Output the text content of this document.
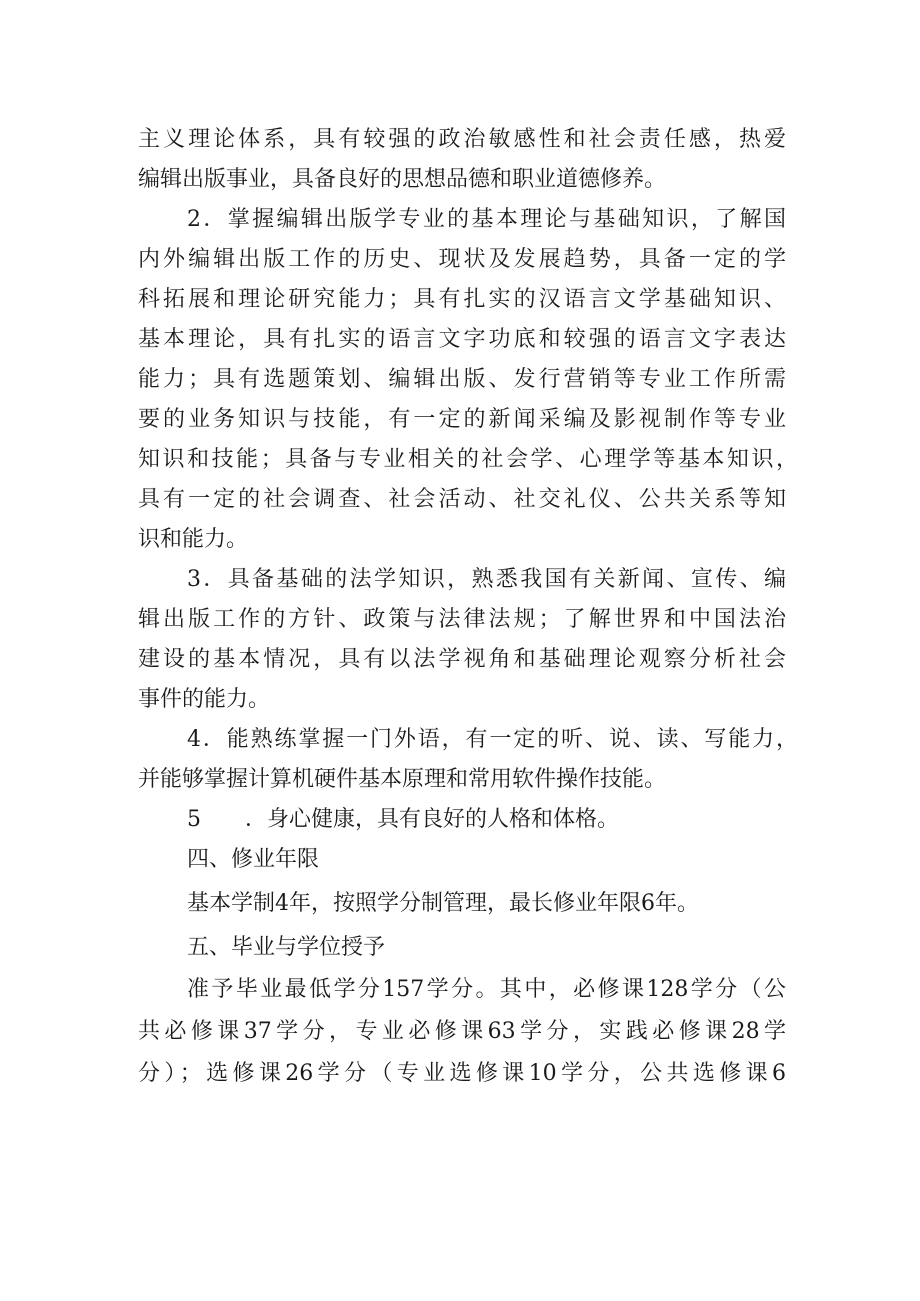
主义理论体系，具有较强的政治敏感性和社会责任感，热爱
编辑出版事业，具备良好的思想品德和职业道德修养。
2．掌握编辑出版学专业的基本理论与基础知识，了解国
内外编辑出版工作的历史、现状及发展趋势，具备一定的学
科拓展和理论研究能力；具有扎实的汉语言文学基础知识、
基本理论，具有扎实的语言文字功底和较强的语言文字表达
能力；具有选题策划、编辑出版、发行营销等专业工作所需
要的业务知识与技能，有一定的新闻采编及影视制作等专业
知识和技能；具备与专业相关的社会学、心理学等基本知识，
具有一定的社会调查、社会活动、社交礼仪、公共关系等知
识和能力。
3．具备基础的法学知识，熟悉我国有关新闻、宣传、编
辑出版工作的方针、政策与法律法规；了解世界和中国法治
建设的基本情况，具有以法学视角和基础理论观察分析社会
事件的能力。
4．能熟练掌握一门外语，有一定的听、说、读、写能力，
并能够掌握计算机硬件基本原理和常用软件操作技能。
5　　．身心健康，具有良好的人格和体格。
四、修业年限
基本学制4年，按照学分制管理，最长修业年限6年。
五、毕业与学位授予
准予毕业最低学分157学分。其中，必修课128学分（公
共必修课37学分，专业必修课63学分，实践必修课28学
分）；选修课26学分（专业选修课10学分，公共选修课6
